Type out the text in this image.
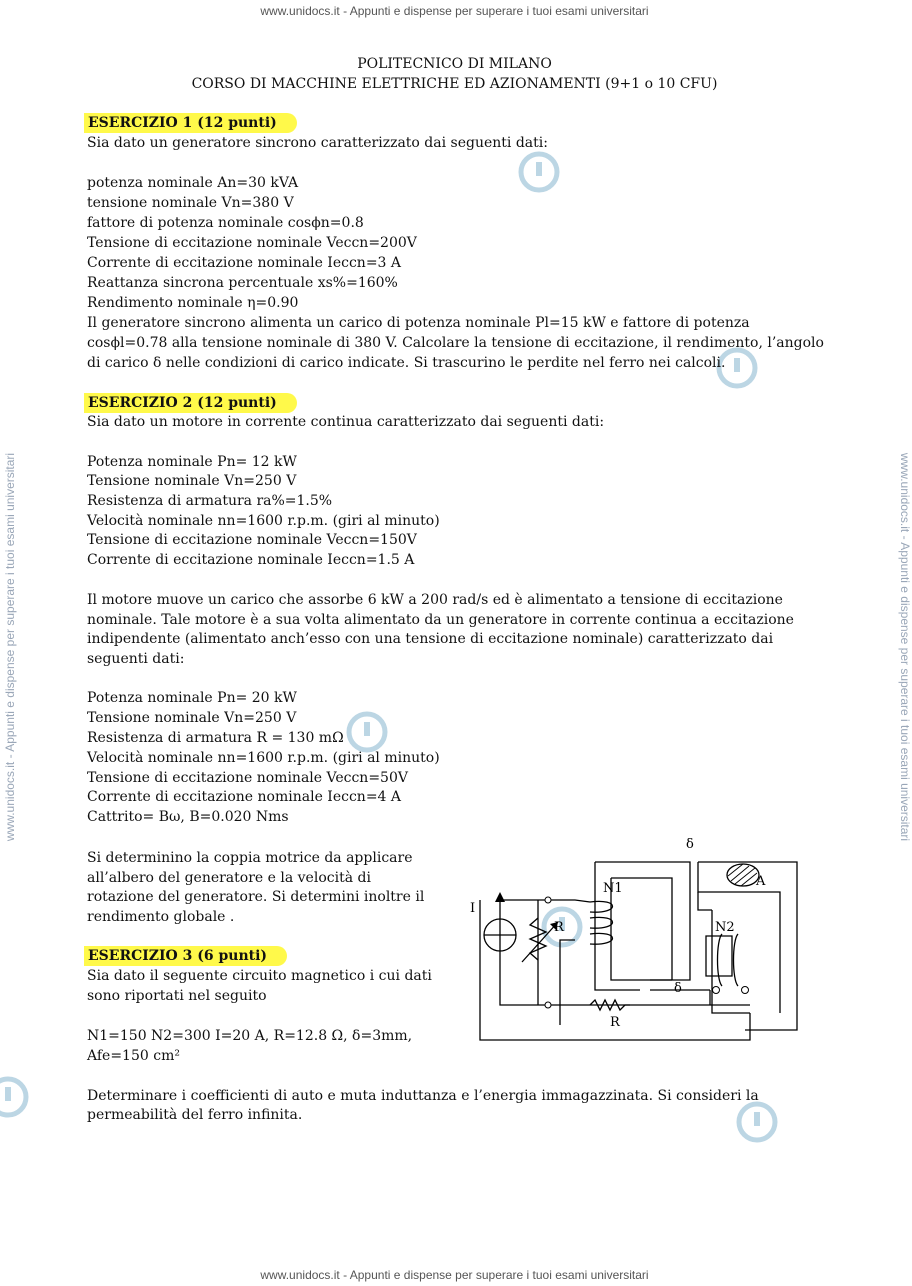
www.unidocs.it - Appunti e dispense per superare i tuoi esami universitari
www.unidocs.it - Appunti e dispense per superare i tuoi esami universitari
www.unidocs.it - Appunti e dispense per superare i tuoi esami universitari	www.unidocs.it - Appunti e dispense per superare i tuoi esami universitari
POLITECNICO DI MILANO
CORSO DI MACCHINE ELETTRICHE ED AZIONAMENTI (9+1 o 10 CFU)
ESERCIZIO 1 (12 punti)
Sia dato un generatore sincrono caratterizzato dai seguenti dati:
potenza nominale An=30 kVA
tensione nominale Vn=380 V
fattore di potenza nominale cosϕn=0.8
Tensione di eccitazione nominale Veccn=200V
Corrente di eccitazione nominale Ieccn=3 A
Reattanza sincrona percentuale xs%=160%
Rendimento nominale η=0.90
Il generatore sincrono alimenta un carico di potenza nominale Pl=15 kW e fattore di potenza
cosϕl=0.78 alla tensione nominale di 380 V. Calcolare la tensione di eccitazione, il rendimento, l’angolo
di carico δ nelle condizioni di carico indicate. Si trascurino le perdite nel ferro nei calcoli.
ESERCIZIO 2 (12 punti)
Sia dato un motore in corrente continua caratterizzato dai seguenti dati:
Potenza nominale Pn= 12 kW
Tensione nominale Vn=250 V
Resistenza di armatura ra%=1.5%
Velocità nominale nn=1600 r.p.m. (giri al minuto)
Tensione di eccitazione nominale Veccn=150V
Corrente di eccitazione nominale Ieccn=1.5 A
Il motore muove un carico che assorbe 6 kW a 200 rad/s ed è alimentato a tensione di eccitazione
nominale. Tale motore è a sua volta alimentato da un generatore in corrente continua a eccitazione
indipendente (alimentato anch’esso con una tensione di eccitazione nominale) caratterizzato dai
seguenti dati:
Potenza nominale Pn= 20 kW
Tensione nominale Vn=250 V
Resistenza di armatura R = 130 mΩ
Velocità nominale nn=1600 r.p.m. (giri al minuto)
Tensione di eccitazione nominale Veccn=50V
Corrente di eccitazione nominale Ieccn=4 A
Cattrito= Bω, B=0.020 Nms
Si determinino la coppia motrice da applicare
all’albero del generatore e la velocità di
rotazione del generatore. Si determini inoltre il
rendimento globale .
ESERCIZIO 3 (6 punti)
Sia dato il seguente circuito magnetico i cui dati
sono riportati nel seguito
N1=150 N2=300 I=20 A, R=12.8 Ω, δ=3mm,
Afe=150 cm²
Determinare i coefficienti di auto e muta induttanza e l’energia immagazzinata. Si consideri la
permeabilità del ferro infinita.
δ
δ
N1
N2
A
I
R
R
